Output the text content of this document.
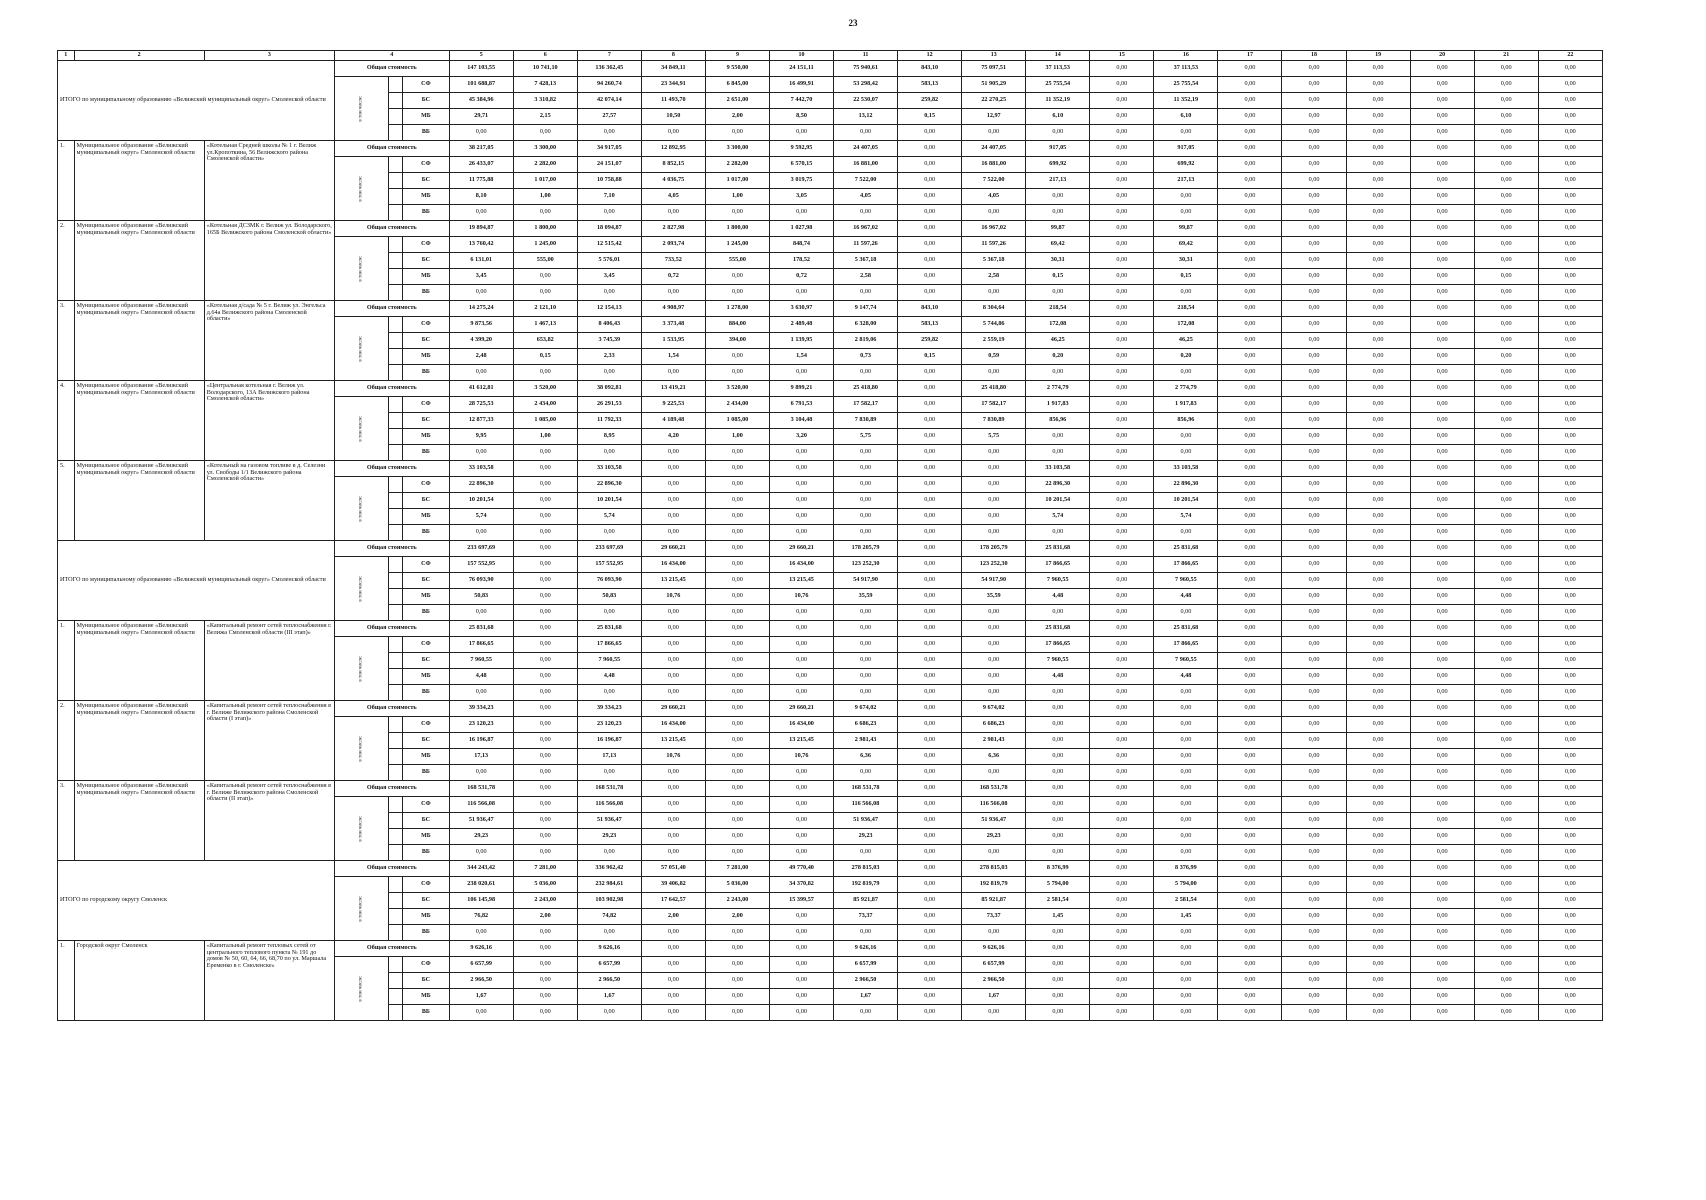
23
1	2	3	4			5	6	7	8	9	10	11	12	13	14	15	16	17	18	19	20	21	22
ИТОГО по муниципальному образованию «Велижский муниципальный округ» Смоленской области			Общая стоимость			147 103,55	10 741,10	136 362,45	34 849,11	9 550,00	24 151,11	75 940,61	843,10	75 097,51	37 113,53	0,00	37 113,53	0,00	0,00	0,00	0,00	0,00	0,00
			в том числе:		СФ	101 688,87	7 428,13	94 260,74	23 344,91	6 845,00	16 499,91	53 298,42	583,13	51 905,29	25 755,54	0,00	25 755,54	0,00	0,00	0,00	0,00	0,00	0,00
					БС	45 384,96	3 310,82	42 074,14	11 493,70	2 651,00	7 442,70	22 530,07	259,82	22 270,25	11 352,19	0,00	11 352,19	0,00	0,00	0,00	0,00	0,00	0,00
					МБ	29,71	2,15	27,57	10,50	2,00	8,50	13,12	0,15	12,97	6,10	0,00	6,10	0,00	0,00	0,00	0,00	0,00	0,00
					ВБ	0,00	0,00	0,00	0,00	0,00	0,00	0,00	0,00	0,00	0,00	0,00	0,00	0,00	0,00	0,00	0,00	0,00	0,00
1.	Муниципальное образование «Велижский муниципальный округ» Смоленской области	«Котельная Средней школы № 1 г. Велиж ул.Кропоткина, 56 Велижского района Смоленской области»	Общая стоимость			38 217,05	3 300,00	34 917,05	12 892,95	3 300,00	9 592,95	24 407,05	0,00	24 407,05	917,05	0,00	917,05	0,00	0,00	0,00	0,00	0,00	0,00
			в том числе:		СФ	26 433,07	2 282,00	24 151,07	8 852,15	2 282,00	6 570,15	16 881,00	0,00	16 881,00	699,92	0,00	699,92	0,00	0,00	0,00	0,00	0,00	0,00
					БС	11 775,88	1 017,00	10 758,88	4 036,75	1 017,00	3 019,75	7 522,00	0,00	7 522,00	217,13	0,00	217,13	0,00	0,00	0,00	0,00	0,00	0,00
					МБ	8,10	1,00	7,10	4,05	1,00	3,05	4,05	0,00	4,05	0,00	0,00	0,00	0,00	0,00	0,00	0,00	0,00	0,00
					ВБ	0,00	0,00	0,00	0,00	0,00	0,00	0,00	0,00	0,00	0,00	0,00	0,00	0,00	0,00	0,00	0,00	0,00	0,00
2.	Муниципальное образование «Велижский муниципальный округ» Смоленской области	«Котельная ДСЗМК г. Велиж ул. Володарского, 165Б Велижского района Смоленской области»	Общая стоимость			19 894,87	1 800,00	18 094,87	2 827,98	1 800,00	1 027,98	16 967,02	0,00	16 967,02	99,87	0,00	99,87	0,00	0,00	0,00	0,00	0,00	0,00
			в том числе:		СФ	13 760,42	1 245,00	12 515,42	2 093,74	1 245,00	848,74	11 597,26	0,00	11 597,26	69,42	0,00	69,42	0,00	0,00	0,00	0,00	0,00	0,00
					БС	6 131,01	555,00	5 576,01	733,52	555,00	178,52	5 367,18	0,00	5 367,18	30,31	0,00	30,31	0,00	0,00	0,00	0,00	0,00	0,00
					МБ	3,45	0,00	3,45	0,72	0,00	0,72	2,58	0,00	2,58	0,15	0,00	0,15	0,00	0,00	0,00	0,00	0,00	0,00
					ВБ	0,00	0,00	0,00	0,00	0,00	0,00	0,00	0,00	0,00	0,00	0,00	0,00	0,00	0,00	0,00	0,00	0,00	0,00
3.	Муниципальное образование «Велижский муниципальный округ» Смоленской области	«Котельная д/сада № 5 г. Велиж ул. Энгельса д.64а Велижского района Смоленской области»	Общая стоимость			14 275,24	2 121,10	12 154,13	4 908,97	1 278,00	3 630,97	9 147,74	843,10	8 304,64	218,54	0,00	218,54	0,00	0,00	0,00	0,00	0,00	0,00
			в том числе:		СФ	9 873,56	1 467,13	8 406,43	3 373,48	884,00	2 489,48	6 328,00	583,13	5 744,86	172,08	0,00	172,08	0,00	0,00	0,00	0,00	0,00	0,00
					БС	4 399,20	653,82	3 745,39	1 533,95	394,00	1 139,95	2 819,06	259,82	2 559,19	46,25	0,00	46,25	0,00	0,00	0,00	0,00	0,00	0,00
					МБ	2,48	0,15	2,33	1,54	0,00	1,54	0,73	0,15	0,59	0,20	0,00	0,20	0,00	0,00	0,00	0,00	0,00	0,00
					ВБ	0,00	0,00	0,00	0,00	0,00	0,00	0,00	0,00	0,00	0,00	0,00	0,00	0,00	0,00	0,00	0,00	0,00	0,00
4.	Муниципальное образование «Велижский муниципальный округ» Смоленской области	«Центральная котельная г. Велиж ул. Володарского, 13А Велижского района Смоленской области»	Общая стоимость			41 612,81	3 520,00	38 092,81	13 419,21	3 520,00	9 899,21	25 418,80	0,00	25 418,80	2 774,79	0,00	2 774,79	0,00	0,00	0,00	0,00	0,00	0,00
			в том числе:		СФ	28 725,53	2 434,00	26 291,53	9 225,53	2 434,00	6 791,53	17 582,17	0,00	17 582,17	1 917,83	0,00	1 917,83	0,00	0,00	0,00	0,00	0,00	0,00
					БС	12 877,33	1 085,00	11 792,33	4 189,48	1 085,00	3 104,48	7 830,89	0,00	7 830,89	856,96	0,00	856,96	0,00	0,00	0,00	0,00	0,00	0,00
					МБ	9,95	1,00	8,95	4,20	1,00	3,20	5,75	0,00	5,75	0,00	0,00	0,00	0,00	0,00	0,00	0,00	0,00	0,00
					ВБ	0,00	0,00	0,00	0,00	0,00	0,00	0,00	0,00	0,00	0,00	0,00	0,00	0,00	0,00	0,00	0,00	0,00	0,00
5.	Муниципальное образование «Велижский муниципальный округ» Смоленской области	«Котельный на газовом топливе в д. Селезни ул. Свободы 1/1 Велижского района Смоленской области»	Общая стоимость			33 103,58	0,00	33 103,58	0,00	0,00	0,00	0,00	0,00	0,00	33 103,58	0,00	33 103,58	0,00	0,00	0,00	0,00	0,00	0,00
			в том числе:		СФ	22 896,30	0,00	22 896,30	0,00	0,00	0,00	0,00	0,00	0,00	22 896,30	0,00	22 896,30	0,00	0,00	0,00	0,00	0,00	0,00
					БС	10 201,54	0,00	10 201,54	0,00	0,00	0,00	0,00	0,00	0,00	10 201,54	0,00	10 201,54	0,00	0,00	0,00	0,00	0,00	0,00
					МБ	5,74	0,00	5,74	0,00	0,00	0,00	0,00	0,00	0,00	5,74	0,00	5,74	0,00	0,00	0,00	0,00	0,00	0,00
					ВБ	0,00	0,00	0,00	0,00	0,00	0,00	0,00	0,00	0,00	0,00	0,00	0,00	0,00	0,00	0,00	0,00	0,00	0,00
ИТОГО по муниципальному образованию «Велижский муниципальный округ» Смоленской области			Общая стоимость			233 697,69	0,00	233 697,69	29 660,21	0,00	29 660,21	178 205,79	0,00	178 205,79	25 831,68	0,00	25 831,68	0,00	0,00	0,00	0,00	0,00	0,00
			в том числе:		СФ	157 552,95	0,00	157 552,95	16 434,00	0,00	16 434,00	123 252,30	0,00	123 252,30	17 866,65	0,00	17 866,65	0,00	0,00	0,00	0,00	0,00	0,00
					БС	76 093,90	0,00	76 093,90	13 215,45	0,00	13 215,45	54 917,90	0,00	54 917,90	7 960,55	0,00	7 960,55	0,00	0,00	0,00	0,00	0,00	0,00
					МБ	50,83	0,00	50,83	10,76	0,00	10,76	35,59	0,00	35,59	4,48	0,00	4,48	0,00	0,00	0,00	0,00	0,00	0,00
					ВБ	0,00	0,00	0,00	0,00	0,00	0,00	0,00	0,00	0,00	0,00	0,00	0,00	0,00	0,00	0,00	0,00	0,00	0,00
1.	Муниципальное образование «Велижский муниципальный округ» Смоленской области	«Капитальный ремонт сетей теплоснабжения г. Велижа Смоленской области (III этап)»	Общая стоимость			25 831,68	0,00	25 831,68	0,00	0,00	0,00	0,00	0,00	0,00	25 831,68	0,00	25 831,68	0,00	0,00	0,00	0,00	0,00	0,00
			в том числе:		СФ	17 866,65	0,00	17 866,65	0,00	0,00	0,00	0,00	0,00	0,00	17 866,65	0,00	17 866,65	0,00	0,00	0,00	0,00	0,00	0,00
					БС	7 960,55	0,00	7 960,55	0,00	0,00	0,00	0,00	0,00	0,00	7 960,55	0,00	7 960,55	0,00	0,00	0,00	0,00	0,00	0,00
					МБ	4,48	0,00	4,48	0,00	0,00	0,00	0,00	0,00	0,00	4,48	0,00	4,48	0,00	0,00	0,00	0,00	0,00	0,00
					ВБ	0,00	0,00	0,00	0,00	0,00	0,00	0,00	0,00	0,00	0,00	0,00	0,00	0,00	0,00	0,00	0,00	0,00	0,00
2.	Муниципальное образование «Велижский муниципальный округ» Смоленской области	«Капитальный ремонт сетей теплоснабжения в г. Велиже Велижского района Смоленской области (I этап)»	Общая стоимость			39 334,23	0,00	39 334,23	29 660,21	0,00	29 660,21	9 674,02	0,00	9 674,02	0,00	0,00	0,00	0,00	0,00	0,00	0,00	0,00	0,00
			в том числе:		СФ	23 120,23	0,00	23 120,23	16 434,00	0,00	16 434,00	6 686,23	0,00	6 686,23	0,00	0,00	0,00	0,00	0,00	0,00	0,00	0,00	0,00
					БС	16 196,87	0,00	16 196,87	13 215,45	0,00	13 215,45	2 981,43	0,00	2 981,43	0,00	0,00	0,00	0,00	0,00	0,00	0,00	0,00	0,00
					МБ	17,13	0,00	17,13	10,76	0,00	10,76	6,36	0,00	6,36	0,00	0,00	0,00	0,00	0,00	0,00	0,00	0,00	0,00
					ВБ	0,00	0,00	0,00	0,00	0,00	0,00	0,00	0,00	0,00	0,00	0,00	0,00	0,00	0,00	0,00	0,00	0,00	0,00
3.	Муниципальное образование «Велижский муниципальный округ» Смоленской области	«Капитальный ремонт сетей теплоснабжения в г. Велиже Велижского района Смоленской области (II этап)»	Общая стоимость			168 531,78	0,00	168 531,78	0,00	0,00	0,00	168 531,78	0,00	168 531,78	0,00	0,00	0,00	0,00	0,00	0,00	0,00	0,00	0,00
			в том числе:		СФ	116 566,08	0,00	116 566,08	0,00	0,00	0,00	116 566,08	0,00	116 566,08	0,00	0,00	0,00	0,00	0,00	0,00	0,00	0,00	0,00
					БС	51 936,47	0,00	51 936,47	0,00	0,00	0,00	51 936,47	0,00	51 936,47	0,00	0,00	0,00	0,00	0,00	0,00	0,00	0,00	0,00
					МБ	29,23	0,00	29,23	0,00	0,00	0,00	29,23	0,00	29,23	0,00	0,00	0,00	0,00	0,00	0,00	0,00	0,00	0,00
					ВБ	0,00	0,00	0,00	0,00	0,00	0,00	0,00	0,00	0,00	0,00	0,00	0,00	0,00	0,00	0,00	0,00	0,00	0,00
ИТОГО по городскому округу Смоленск			Общая стоимость			344 243,42	7 281,00	336 962,42	57 051,40	7 281,00	49 770,40	278 815,03	0,00	278 815,03	8 376,99	0,00	8 376,99	0,00	0,00	0,00	0,00	0,00	0,00
			в том числе:		СФ	238 020,61	5 036,00	232 984,61	39 406,82	5 036,00	34 370,82	192 819,79	0,00	192 819,79	5 794,00	0,00	5 794,00	0,00	0,00	0,00	0,00	0,00	0,00
					БС	106 145,98	2 243,00	103 902,98	17 642,57	2 243,00	15 399,57	85 921,87	0,00	85 921,87	2 581,54	0,00	2 581,54	0,00	0,00	0,00	0,00	0,00	0,00
					МБ	76,82	2,00	74,82	2,00	2,00	0,00	73,37	0,00	73,37	1,45	0,00	1,45	0,00	0,00	0,00	0,00	0,00	0,00
					ВБ	0,00	0,00	0,00	0,00	0,00	0,00	0,00	0,00	0,00	0,00	0,00	0,00	0,00	0,00	0,00	0,00	0,00	0,00
1.	Городской округ Смоленск	«Капитальный ремонт тепловых сетей от центрального теплового пункта № 191 до домов № 50, 60, 64, 66, 68,70 по ул. Маршала Еременко в г. Смоленске»	Общая стоимость			9 626,16	0,00	9 626,16	0,00	0,00	0,00	9 626,16	0,00	9 626,16	0,00	0,00	0,00	0,00	0,00	0,00	0,00	0,00	0,00
			в том числе:		СФ	6 657,99	0,00	6 657,99	0,00	0,00	0,00	6 657,99	0,00	6 657,99	0,00	0,00	0,00	0,00	0,00	0,00	0,00	0,00	0,00
					БС	2 966,50	0,00	2 966,50	0,00	0,00	0,00	2 966,50	0,00	2 966,50	0,00	0,00	0,00	0,00	0,00	0,00	0,00	0,00	0,00
					МБ	1,67	0,00	1,67	0,00	0,00	0,00	1,67	0,00	1,67	0,00	0,00	0,00	0,00	0,00	0,00	0,00	0,00	0,00
					ВБ	0,00	0,00	0,00	0,00	0,00	0,00	0,00	0,00	0,00	0,00	0,00	0,00	0,00	0,00	0,00	0,00	0,00	0,00
